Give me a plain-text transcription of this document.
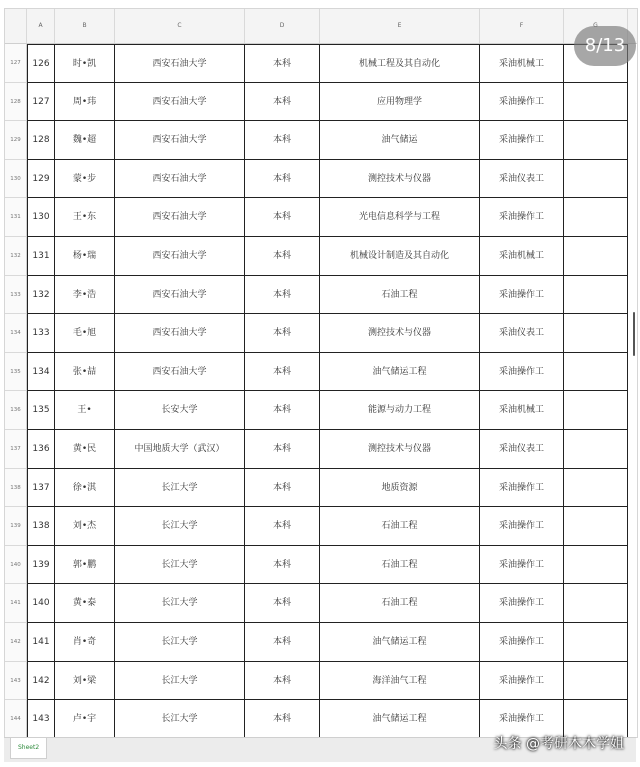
A	B	C	D	E	F
127	126	时•凯	西安石油大学	本科	机械工程及其自动化	采油机械工
128	127	周•玮	西安石油大学	本科	应用物理学	采油操作工
129	128	魏•超	西安石油大学	本科	油气储运	采油操作工
130	129	蒙•步	西安石油大学	本科	测控技术与仪器	采油仪表工
131	130	王•东	西安石油大学	本科	光电信息科学与工程	采油操作工
132	131	杨•瑞	西安石油大学	本科	机械设计制造及其自动化	采油机械工
133	132	李•浩	西安石油大学	本科	石油工程	采油操作工
134	133	毛•旭	西安石油大学	本科	测控技术与仪器	采油仪表工
135	134	张•喆	西安石油大学	本科	油气储运工程	采油操作工
136	135	王•	长安大学	本科	能源与动力工程	采油机械工
137	136	黄•民	中国地质大学（武汉）	本科	测控技术与仪器	采油仪表工
138	137	徐•淇	长江大学	本科	地质资源	采油操作工
139	138	刘•杰	长江大学	本科	石油工程	采油操作工
140	139	郭•鹏	长江大学	本科	石油工程	采油操作工
141	140	黄•泰	长江大学	本科	石油工程	采油操作工
142	141	肖•奇	长江大学	本科	油气储运工程	采油操作工
143	142	刘•梁	长江大学	本科	海洋油气工程	采油操作工
144	143	卢•宇	长江大学	本科	油气储运工程	采油操作工
8/13
Sheet2	头条 @考研木木学姐
